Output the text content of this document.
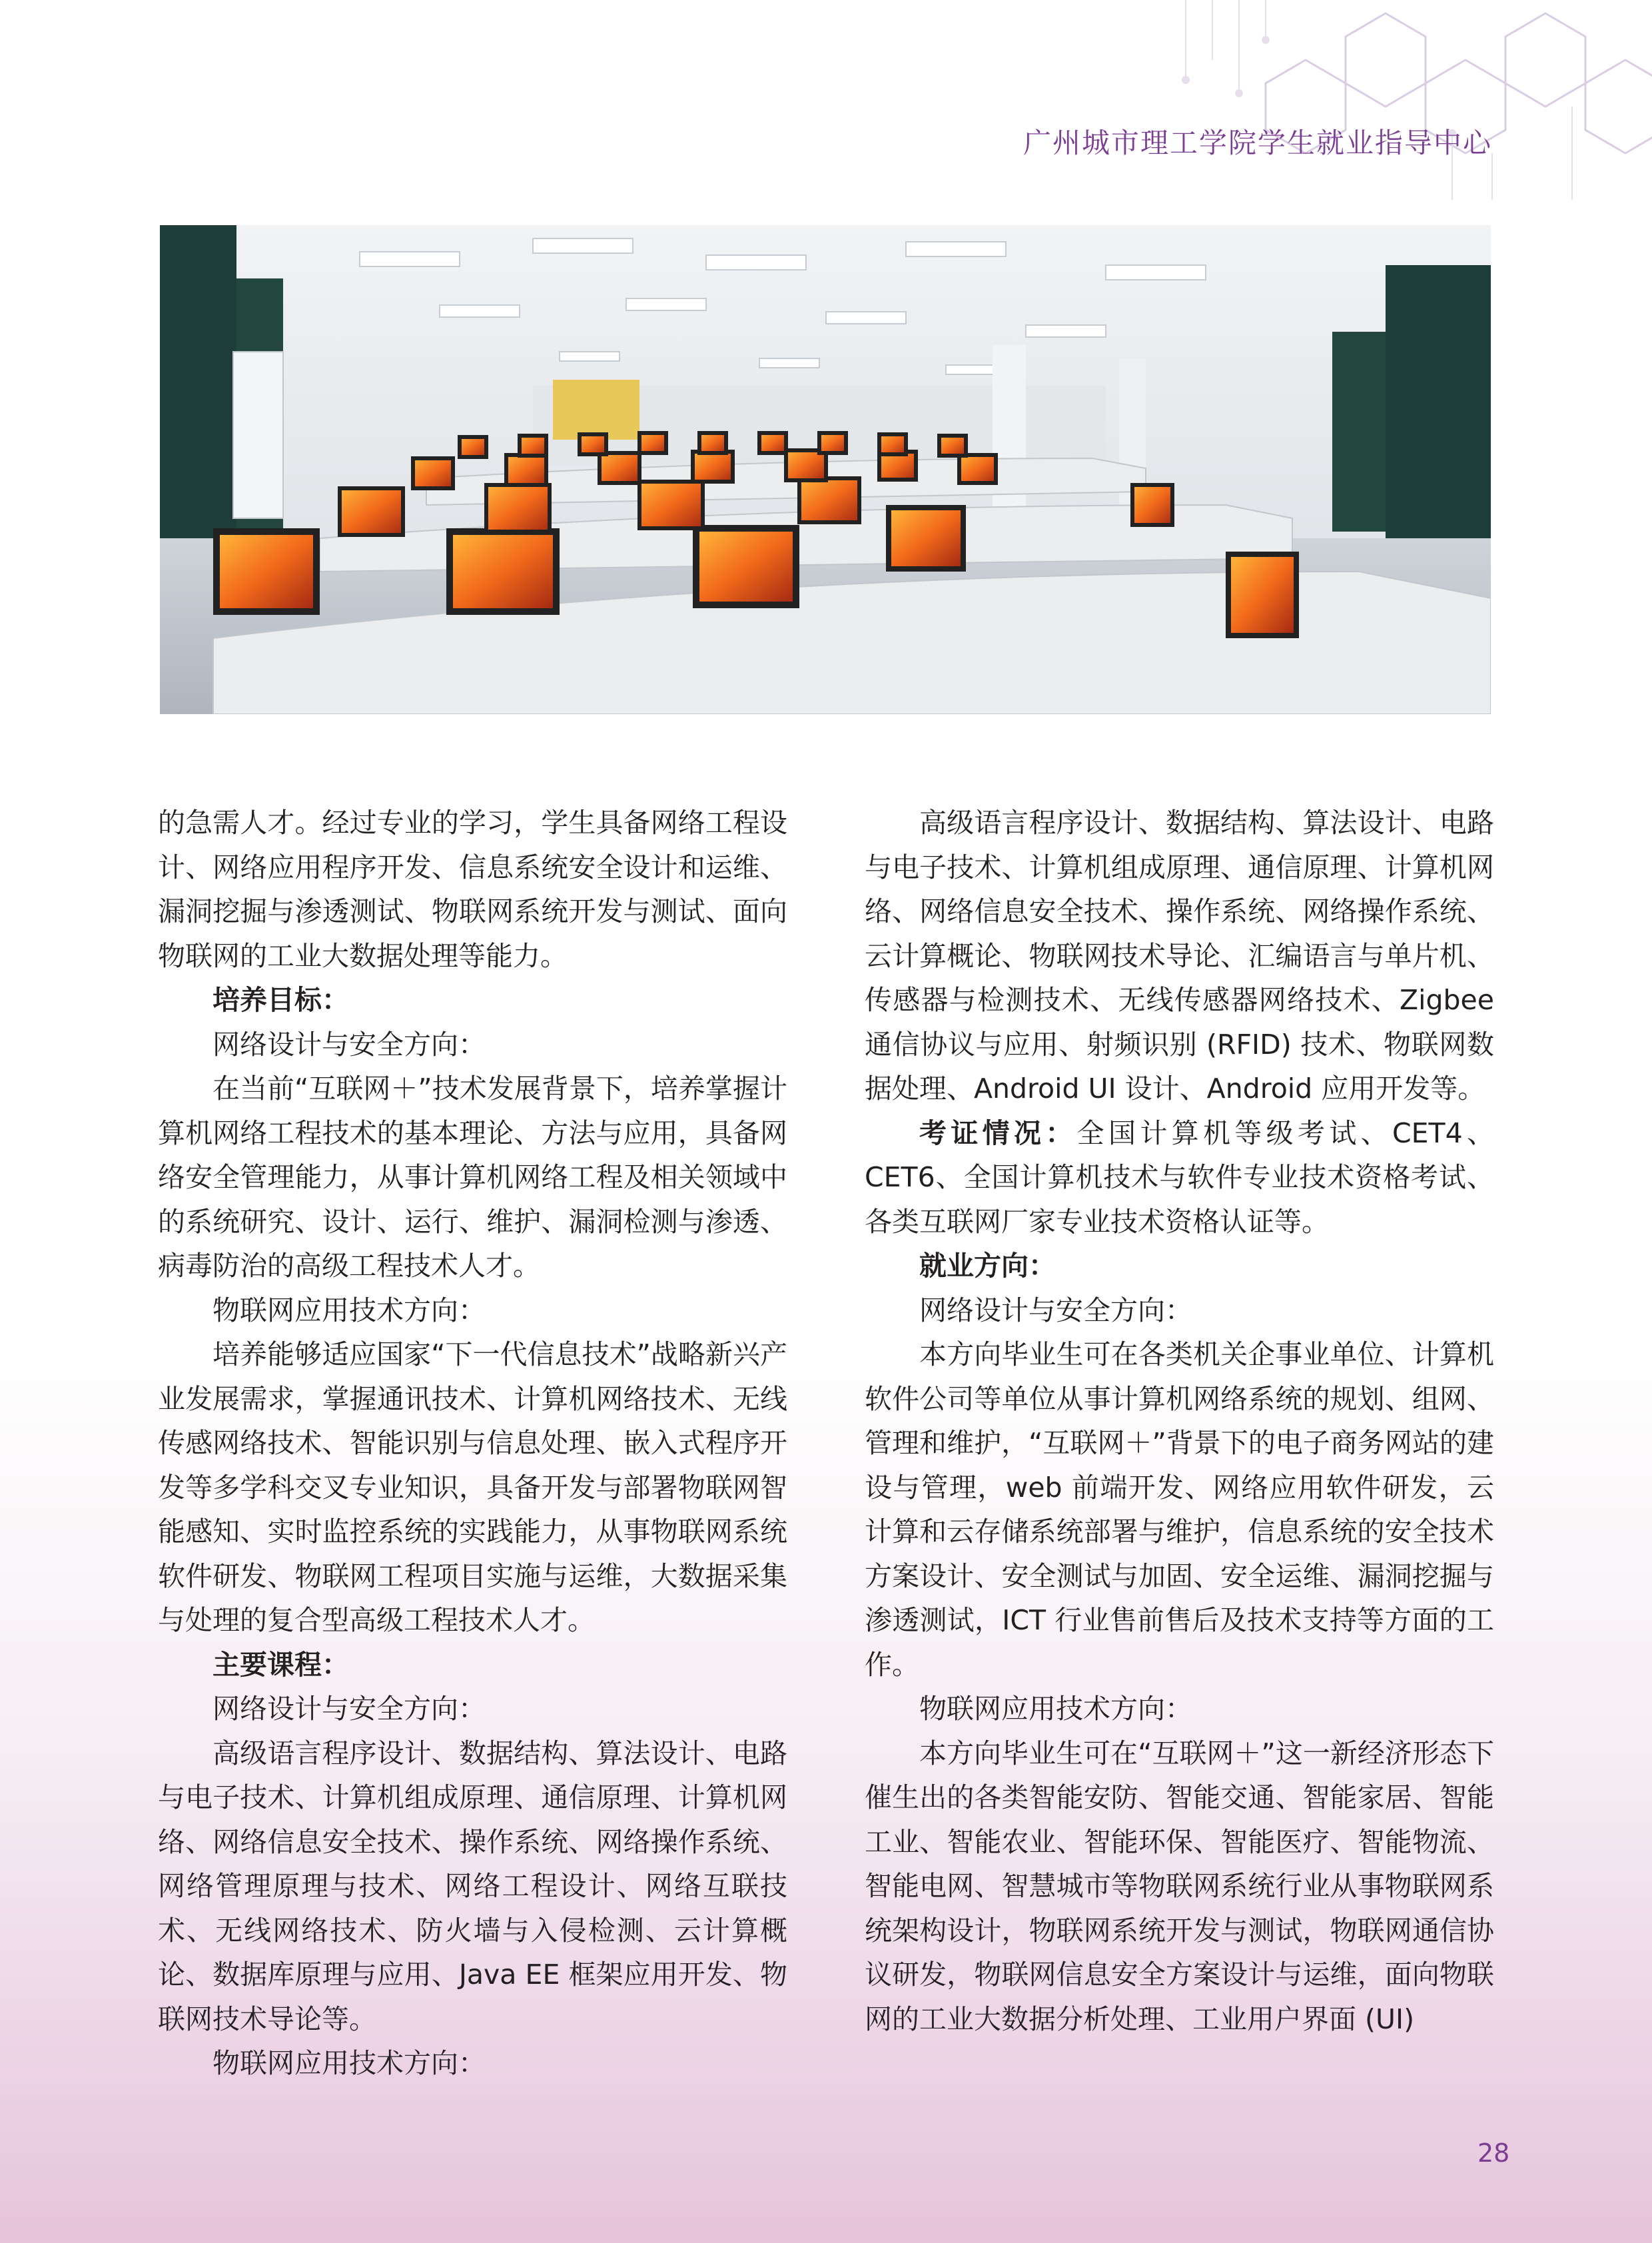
广州城市理工学院学生就业指导中心

的急需人才。经过专业的学习，学生具备网络工程设计、网络应用程序开发、信息系统安全设计和运维、漏洞挖掘与渗透测试、物联网系统开发与测试、面向物联网的工业大数据处理等能力。

培养目标：

网络设计与安全方向：

在当前“互联网＋”技术发展背景下，培养掌握计算机网络工程技术的基本理论、方法与应用，具备网络安全管理能力，从事计算机网络工程及相关领域中的系统研究、设计、运行、维护、漏洞检测与渗透、病毒防治的高级工程技术人才。

物联网应用技术方向：

培养能够适应国家“下一代信息技术”战略新兴产业发展需求，掌握通讯技术、计算机网络技术、无线传感网络技术、智能识别与信息处理、嵌入式程序开发等多学科交叉专业知识，具备开发与部署物联网智能感知、实时监控系统的实践能力，从事物联网系统软件研发、物联网工程项目实施与运维，大数据采集与处理的复合型高级工程技术人才。

主要课程：

网络设计与安全方向：

高级语言程序设计、数据结构、算法设计、电路与电子技术、计算机组成原理、通信原理、计算机网络、网络信息安全技术、操作系统、网络操作系统、网络管理原理与技术、网络工程设计、网络互联技术、无线网络技术、防火墙与入侵检测、云计算概论、数据库原理与应用、Java EE 框架应用开发、物联网技术导论等。

物联网应用技术方向：

高级语言程序设计、数据结构、算法设计、电路与电子技术、计算机组成原理、通信原理、计算机网络、网络信息安全技术、操作系统、网络操作系统、云计算概论、物联网技术导论、汇编语言与单片机、传感器与检测技术、无线传感器网络技术、Zigbee 通信协议与应用、射频识别 (RFID) 技术、物联网数据处理、Android UI 设计、Android 应用开发等。

考证情况：全国计算机等级考试、CET4、CET6、全国计算机技术与软件专业技术资格考试、各类互联网厂家专业技术资格认证等。

就业方向：

网络设计与安全方向：

本方向毕业生可在各类机关企事业单位、计算机软件公司等单位从事计算机网络系统的规划、组网、管理和维护，“互联网＋”背景下的电子商务网站的建设与管理，web 前端开发、网络应用软件研发，云计算和云存储系统部署与维护，信息系统的安全技术方案设计、安全测试与加固、安全运维、漏洞挖掘与渗透测试，ICT 行业售前售后及技术支持等方面的工作。

物联网应用技术方向：

本方向毕业生可在“互联网＋”这一新经济形态下催生出的各类智能安防、智能交通、智能家居、智能工业、智能农业、智能环保、智能医疗、智能物流、智能电网、智慧城市等物联网系统行业从事物联网系统架构设计，物联网系统开发与测试，物联网通信协议研发，物联网信息安全方案设计与运维，面向物联网的工业大数据分析处理、工业用户界面 (UI)

28
